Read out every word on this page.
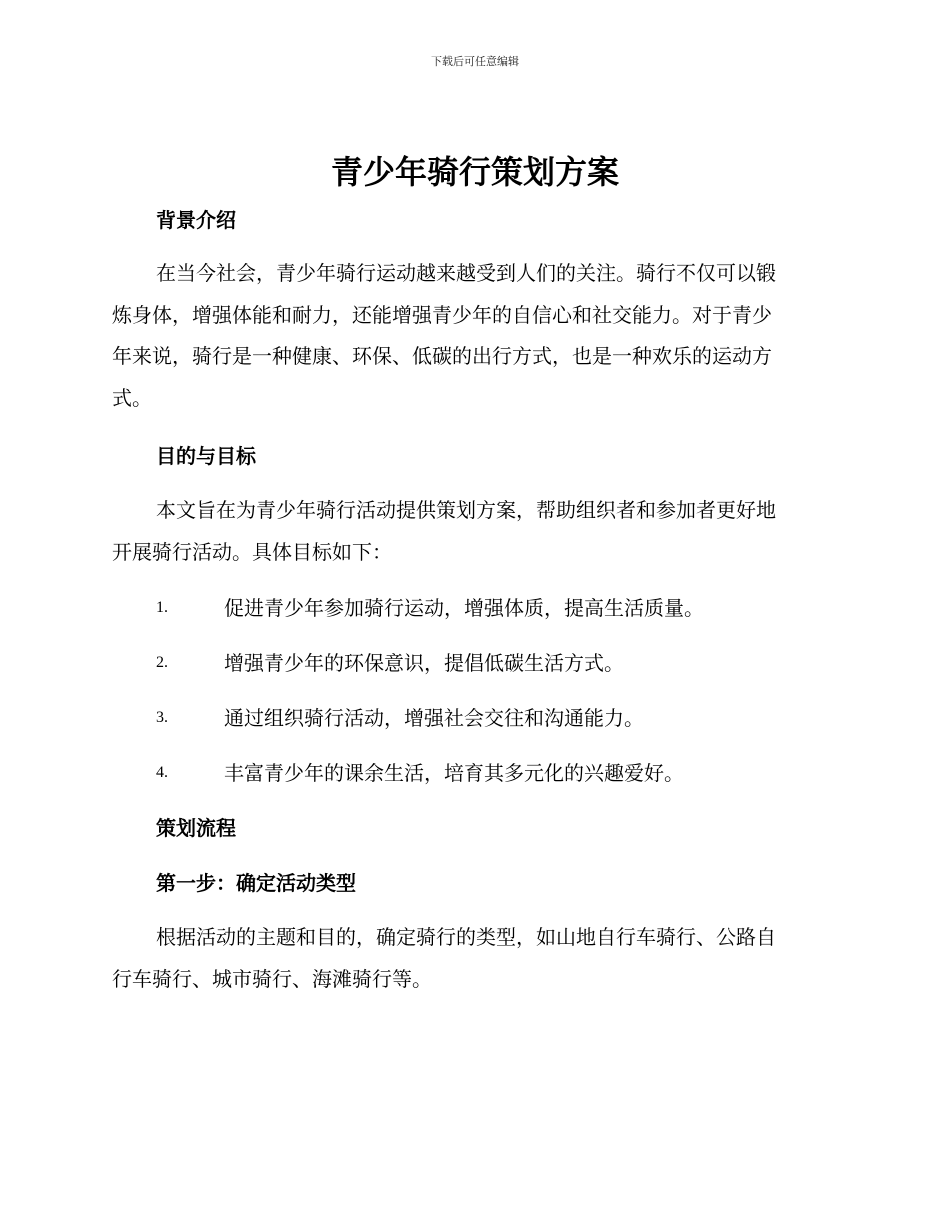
下载后可任意编辑
青少年骑行策划方案
背景介绍

在当今社会，青少年骑行运动越来越受到人们的关注。骑行不仅可以锻
炼身体，增强体能和耐力，还能增强青少年的自信心和社交能力。对于青少
年来说，骑行是一种健康、环保、低碳的出行方式，也是一种欢乐的运动方
式。

目的与目标

本文旨在为青少年骑行活动提供策划方案，帮助组织者和参加者更好地
开展骑行活动。具体目标如下：

1.	促进青少年参加骑行运动，增强体质，提高生活质量。
2.	增强青少年的环保意识，提倡低碳生活方式。
3.	通过组织骑行活动，增强社会交往和沟通能力。
4.	丰富青少年的课余生活，培育其多元化的兴趣爱好。
策划流程
第一步：确定活动类型

根据活动的主题和目的，确定骑行的类型，如山地自行车骑行、公路自
行车骑行、城市骑行、海滩骑行等。
